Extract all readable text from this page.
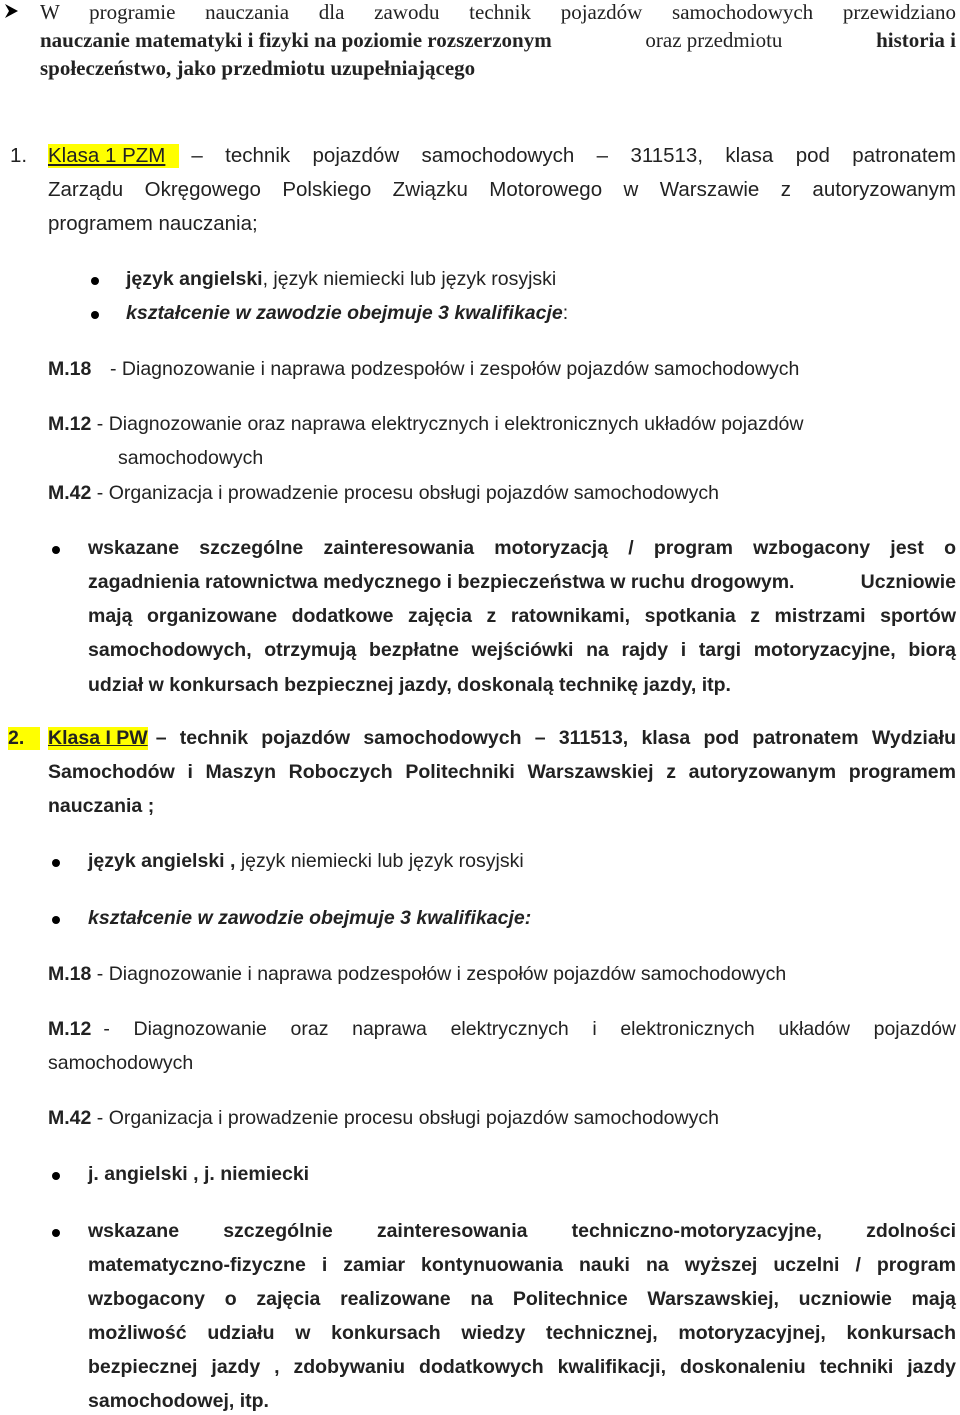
W programie nauczania dla zawodu technik pojazdów samochodowych przewidziano
nauczanie matematyki i fizyki na poziomie rozszerzonym	oraz przedmiotu	historia i
społeczeństwo, jako przedmiotu uzupełniającego
1.	Klasa 1 PZM	– technik pojazdów samochodowych – 311513, klasa pod patronatem
Zarządu Okręgowego Polskiego Związku Motorowego w Warszawie z autoryzowanym
programem nauczania;
język angielski, język niemiecki lub język rosyjski
kształcenie w zawodzie obejmuje 3 kwalifikacje:
M.18 - Diagnozowanie i naprawa podzespołów i zespołów pojazdów samochodowych
M.12 - Diagnozowanie oraz naprawa elektrycznych i elektronicznych układów pojazdów
samochodowych
M.42 - Organizacja i prowadzenie procesu obsługi pojazdów samochodowych
wskazane szczególne zainteresowania motoryzacją / program wzbogacony jest o
zagadnienia ratownictwa medycznego i bezpieczeństwa w ruchu drogowym.	Uczniowie
mają organizowane dodatkowe zajęcia z ratownikami, spotkania z mistrzami sportów
samochodowych, otrzymują bezpłatne wejściówki na rajdy i targi motoryzacyjne, biorą
udział w konkursach bezpiecznej jazdy, doskonalą technikę jazdy, itp.
2.	Klasa I PW – technik pojazdów samochodowych – 311513, klasa pod patronatem Wydziału
Samochodów i Maszyn Roboczych Politechniki Warszawskiej z autoryzowanym programem
nauczania ;
język angielski , język niemiecki lub język rosyjski
kształcenie w zawodzie obejmuje 3 kwalifikacje:
M.18 - Diagnozowanie i naprawa podzespołów i zespołów pojazdów samochodowych
M.12 - Diagnozowanie oraz naprawa elektrycznych i elektronicznych układów pojazdów
samochodowych
M.42 - Organizacja i prowadzenie procesu obsługi pojazdów samochodowych
j. angielski , j. niemiecki
wskazane szczególnie zainteresowania techniczno-motoryzacyjne, zdolności
matematyczno-fizyczne i zamiar kontynuowania nauki na wyższej uczelni / program
wzbogacony o zajęcia realizowane na Politechnice Warszawskiej, uczniowie mają
możliwość udziału w konkursach wiedzy technicznej, motoryzacyjnej, konkursach
bezpiecznej jazdy , zdobywaniu dodatkowych kwalifikacji, doskonaleniu techniki jazdy
samochodowej, itp.
